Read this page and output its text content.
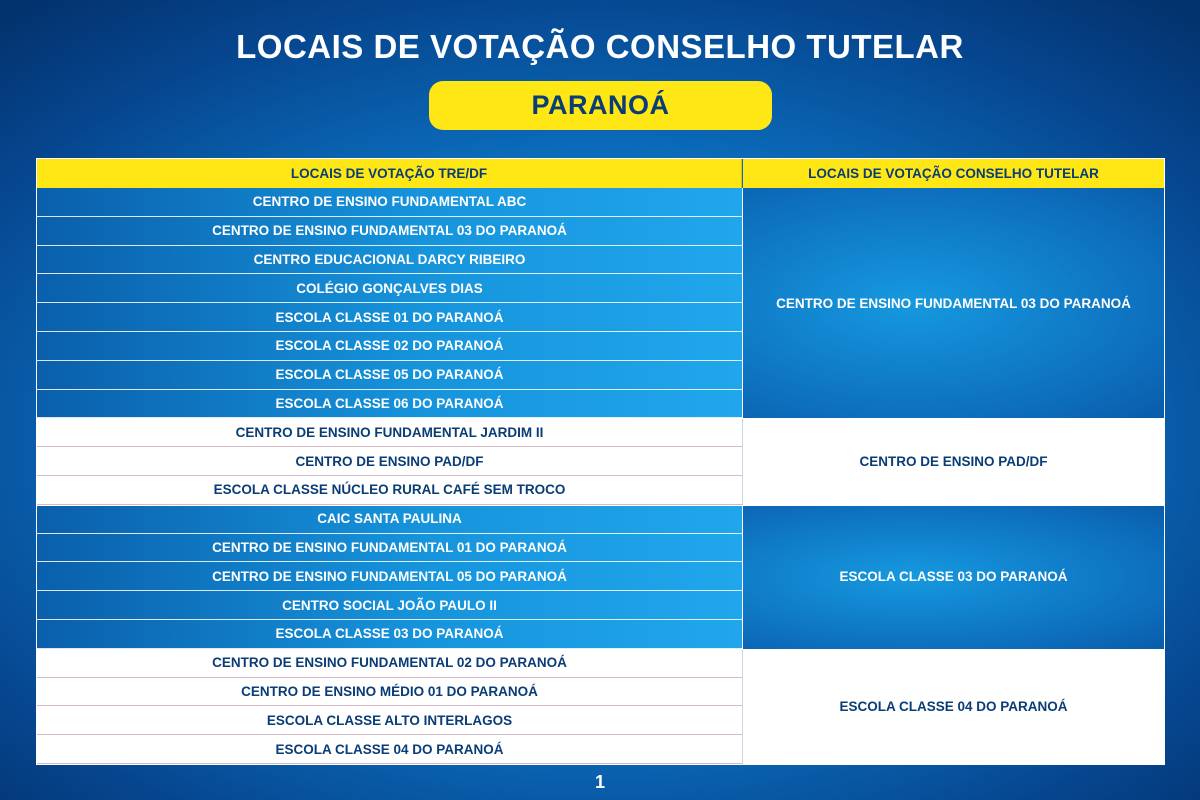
LOCAIS DE VOTAÇÃO CONSELHO TUTELAR
PARANOÁ
LOCAIS DE VOTAÇÃO TRE/DF	LOCAIS DE VOTAÇÃO CONSELHO TUTELAR
CENTRO DE ENSINO FUNDAMENTAL ABC
CENTRO DE ENSINO FUNDAMENTAL 03 DO PARANOÁ
CENTRO EDUCACIONAL DARCY RIBEIRO
COLÉGIO GONÇALVES DIAS
ESCOLA CLASSE 01 DO PARANOÁ
ESCOLA CLASSE 02 DO PARANOÁ
ESCOLA CLASSE 05 DO PARANOÁ
ESCOLA CLASSE 06 DO PARANOÁ
CENTRO DE ENSINO FUNDAMENTAL 03 DO PARANOÁ
CENTRO DE ENSINO FUNDAMENTAL JARDIM II
CENTRO DE ENSINO PAD/DF
ESCOLA CLASSE NÚCLEO RURAL CAFÉ SEM TROCO
CENTRO DE ENSINO PAD/DF
CAIC SANTA PAULINA
CENTRO DE ENSINO FUNDAMENTAL 01 DO PARANOÁ
CENTRO DE ENSINO FUNDAMENTAL 05 DO PARANOÁ
CENTRO SOCIAL JOÃO PAULO II
ESCOLA CLASSE 03 DO PARANOÁ
ESCOLA CLASSE 03 DO PARANOÁ
CENTRO DE ENSINO FUNDAMENTAL 02 DO PARANOÁ
CENTRO DE ENSINO MÉDIO 01 DO PARANOÁ
ESCOLA CLASSE ALTO INTERLAGOS
ESCOLA CLASSE 04 DO PARANOÁ
ESCOLA CLASSE 04 DO PARANOÁ
1
